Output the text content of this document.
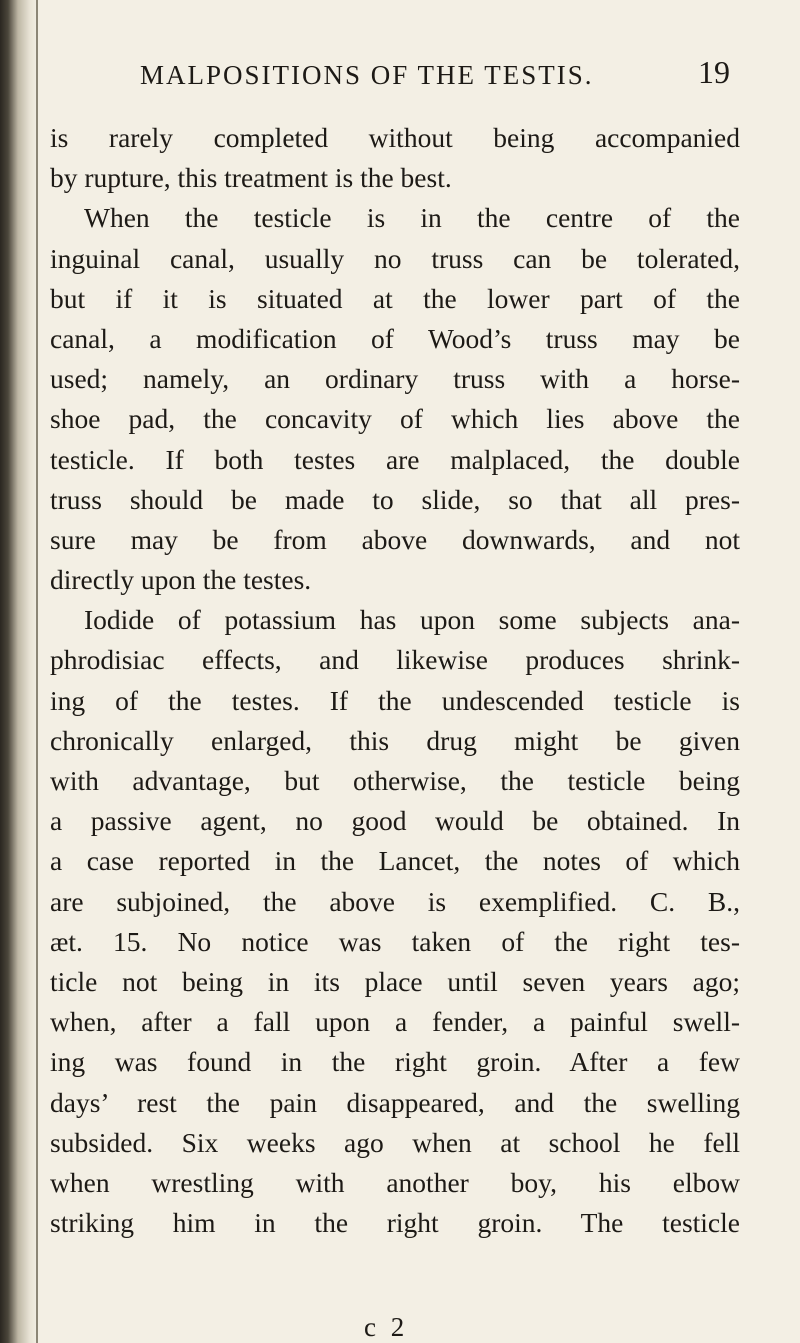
MALPOSITIONS OF THE TESTIS.	19
is rarely completed without being accompanied
by rupture, this treatment is the best.
When the testicle is in the centre of the
inguinal canal, usually no truss can be tolerated,
but if it is situated at the lower part of the
canal, a modification of Wood’s truss may be
used; namely, an ordinary truss with a horse-
shoe pad, the concavity of which lies above the
testicle. If both testes are malplaced, the double
truss should be made to slide, so that all pres-
sure may be from above downwards, and not
directly upon the testes.
Iodide of potassium has upon some subjects ana-
phrodisiac effects, and likewise produces shrink-
ing of the testes. If the undescended testicle is
chronically enlarged, this drug might be given
with advantage, but otherwise, the testicle being
a passive agent, no good would be obtained. In
a case reported in the Lancet, the notes of which
are subjoined, the above is exemplified. C. B.,
æt. 15. No notice was taken of the right tes-
ticle not being in its place until seven years ago;
when, after a fall upon a fender, a painful swell-
ing was found in the right groin. After a few
days’ rest the pain disappeared, and the swelling
subsided. Six weeks ago when at school he fell
when wrestling with another boy, his elbow
striking him in the right groin. The testicle
c 2
